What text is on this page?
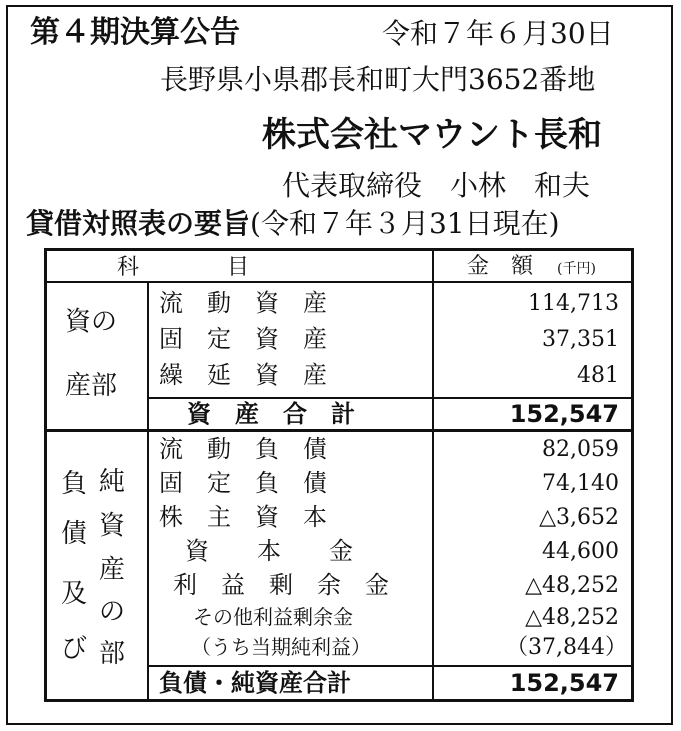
第４期決算公告	令和７年６月30日
長野県小県郡長和町大門3652番地
株式会社マウント長和
代表取締役　小林　和夫
貸借対照表の要旨(令和７年３月31日現在)
科　　　　目	金　額 (千円)
資の
産部
流　動　資　産	114,713
固　定　資　産	37,351
繰　延　資　産	481
資　産　合　計	152,547
負
債
及
び
純
資
産
の
部
流　動　負　債	82,059
固　定　負　債	74,140
株　主　資　本	△3,652
資　　本　　金	44,600
利　益　剰　余　金	△48,252
その他利益剰余金	△48,252
（うち当期純利益）	（37,844）
負債・純資産合計	152,547
